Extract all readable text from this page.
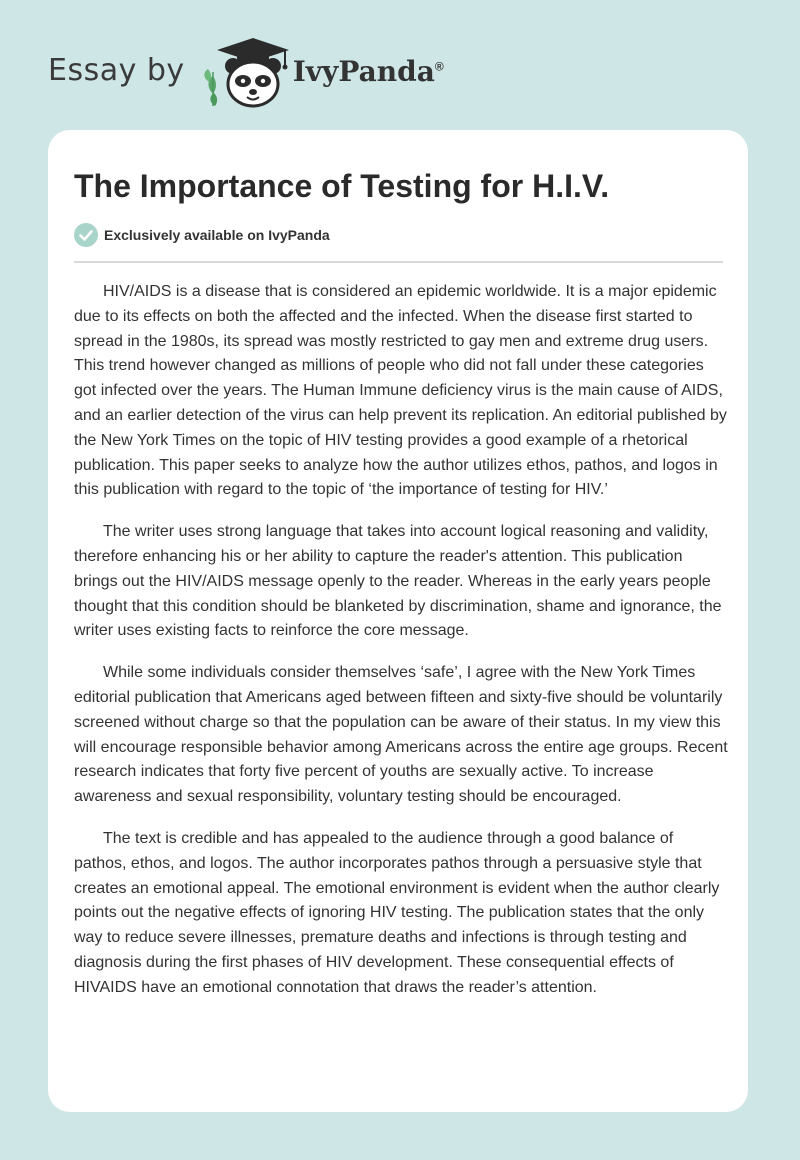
Essay by	IvyPanda®
The Importance of Testing for H.I.V.
Exclusively available on IvyPanda

HIV/AIDS is a disease that is considered an epidemic worldwide. It is a major epidemic due to its effects on both the affected and the infected. When the disease first started to spread in the 1980s, its spread was mostly restricted to gay men and extreme drug users. This trend however changed as millions of people who did not fall under these categories got infected over the years. The Human Immune deficiency virus is the main cause of AIDS, and an earlier detection of the virus can help prevent its replication. An editorial published by the New York Times on the topic of HIV testing provides a good example of a rhetorical publication. This paper seeks to analyze how the author utilizes ethos, pathos, and logos in this publication with regard to the topic of ‘the importance of testing for HIV.’

The writer uses strong language that takes into account logical reasoning and validity, therefore enhancing his or her ability to capture the reader's attention. This publication brings out the HIV/AIDS message openly to the reader. Whereas in the early years people thought that this condition should be blanketed by discrimination, shame and ignorance, the writer uses existing facts to reinforce the core message.

While some individuals consider themselves ‘safe’, I agree with the New York Times editorial publication that Americans aged between fifteen and sixty-five should be voluntarily screened without charge so that the population can be aware of their status. In my view this will encourage responsible behavior among Americans across the entire age groups. Recent research indicates that forty five percent of youths are sexually active. To increase awareness and sexual responsibility, voluntary testing should be encouraged.

The text is credible and has appealed to the audience through a good balance of pathos, ethos, and logos. The author incorporates pathos through a persuasive style that creates an emotional appeal. The emotional environment is evident when the author clearly points out the negative effects of ignoring HIV testing. The publication states that the only way to reduce severe illnesses, premature deaths and infections is through testing and diagnosis during the first phases of HIV development. These consequential effects of HIVAIDS have an emotional connotation that draws the reader’s attention.
